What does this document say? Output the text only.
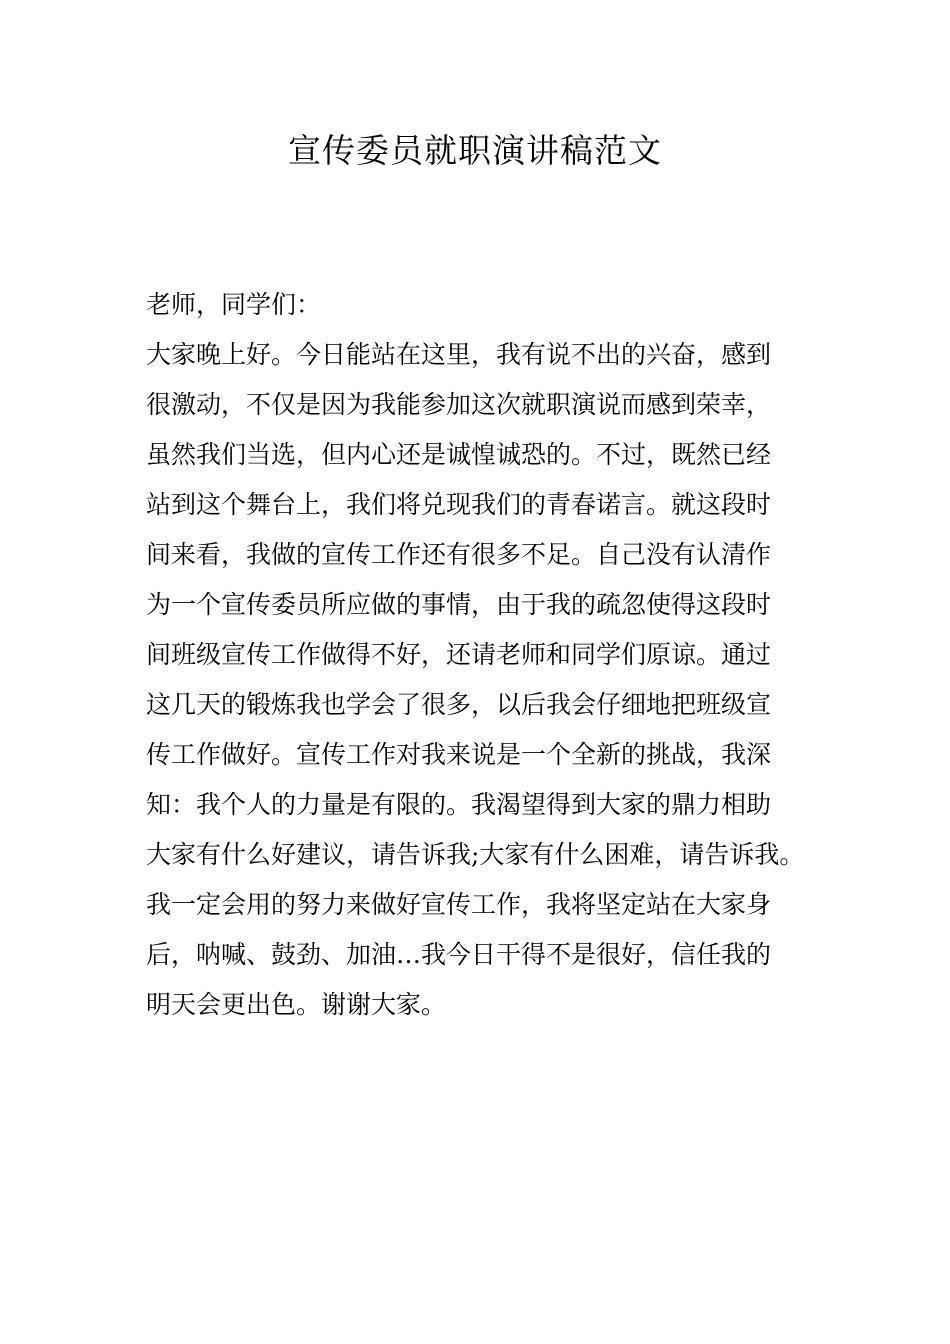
宣传委员就职演讲稿范文
老师，同学们：
大家晚上好。今日能站在这里，我有说不出的兴奋，感到
很激动，不仅是因为我能参加这次就职演说而感到荣幸，
虽然我们当选，但内心还是诚惶诚恐的。不过，既然已经
站到这个舞台上，我们将兑现我们的青春诺言。就这段时
间来看，我做的宣传工作还有很多不足。自己没有认清作
为一个宣传委员所应做的事情，由于我的疏忽使得这段时
间班级宣传工作做得不好，还请老师和同学们原谅。通过
这几天的锻炼我也学会了很多，以后我会仔细地把班级宣
传工作做好。宣传工作对我来说是一个全新的挑战，我深
知：我个人的力量是有限的。我渴望得到大家的鼎力相助
大家有什么好建议，请告诉我;大家有什么困难，请告诉我。
我一定会用的努力来做好宣传工作，我将坚定站在大家身
后，呐喊、鼓劲、加油…我今日干得不是很好，信任我的
明天会更出色。谢谢大家。
